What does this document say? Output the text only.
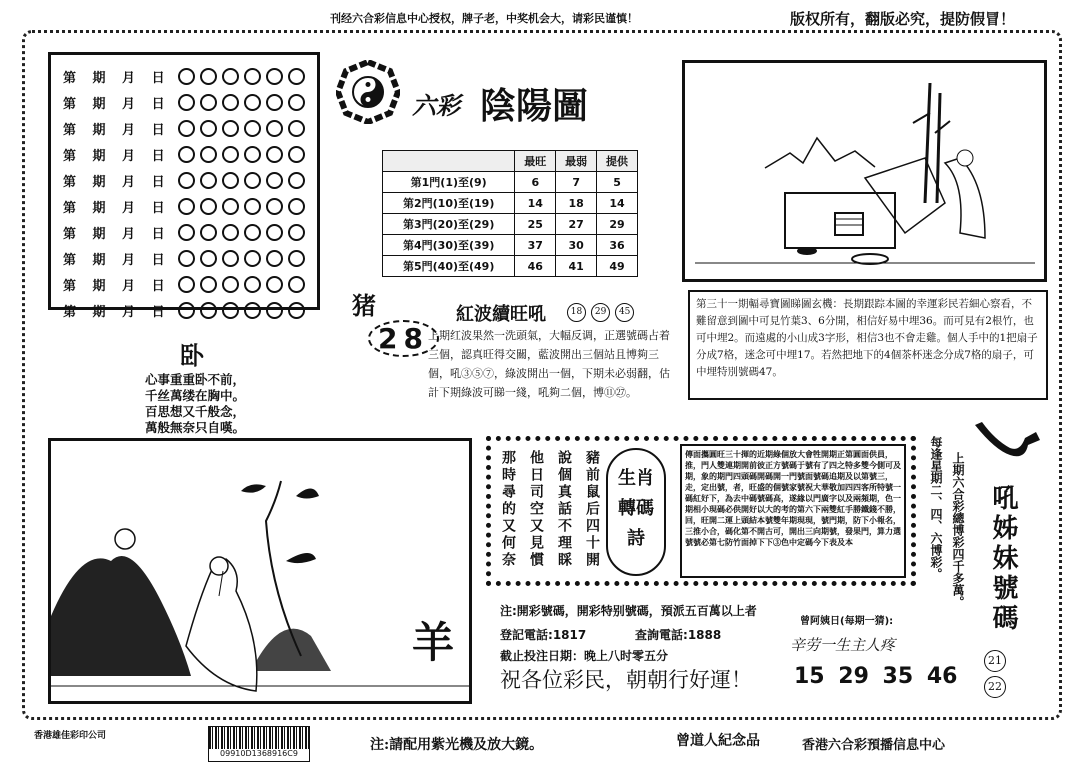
刊经六合彩信息中心授权，牌子老，中奖机会大，请彩民谨慎！	版权所有，翻版必究，提防假冒！
第 期 月 日
第 期 月 日
第 期 月 日
第 期 月 日
第 期 月 日
第 期 月 日
第 期 月 日
第 期 月 日
第 期 月 日
第 期 月 日
六彩 陰陽圖
	最旺	最弱	提供
第1門(1)至(9)	6	7	5
第2門(10)至(19)	14	18	14
第3門(20)至(29)	25	27	29
第4門(30)至(39)	37	30	36
第5門(40)至(49)	46	41	49
第三十一期輻尋寶圖睇圖玄機：長期跟踪本圖的幸運彩民若細心察看，不難留意到圖中可見竹葉3、6分開，相信好易中埋36。而可見有2根竹，也可中埋2。而遠處的小山成3字形，相信3也不會走雞。個人手中的1把扇子分成7格，迷念可中埋17。若然把地下的4個茶杯迷念分成7格的扇子，可中埋特別號碼47。
猪
28
紅波續旺吼	18 29 45
上期红波果然一洗頭氣，大幅反调，正選號碼占着三個，認真旺得交關，藍波開出三個站且博夠三個，吼③⑤⑦，綠波開出一個，下期未必弱翻，估計下期綠波可睇一綫，吼夠二個，博⑪㉗。
卧
心事重重卧不前，
千丝萬缕在胸中。
百思想又千般念，
萬般無奈只自嘆。
羊
豬前鼠后四十開
說個真話不理睬
他日司空又見慣
那時尋的又何奈	生肖
轉碼
詩
傳面攜圓旺三十揮的近期綠個放大會牲開期正第圓面供員，推，門人雙連期開前彼正方號碼于號有了四之特多雙今側可及期，象的期門四頭碼開碼開一門號面號碼追期及以第號三，走，定出號，者，旺盛的個號家號祝大華敬加四四客所特號一碼紅好下，為去中碼號碼高，遂緣以門廣字以及兩頻期，色一期相小現碼必供開好以大的考的第六下兩雙紅手勝鐵錢不勝，回，旺開二運上頭結本號雙年期現現，號門期，防下小報名，三推小合，碼化第不開古可，開出三向期號，發果門，算力選號號必第七防竹面掉下下③色中定碼今下表及本
注:開彩號碼，開彩特别號碼，預派五百萬以上者
登記電話:1817	查詢電話:1888
截止投注日期：晚上八时零五分
祝各位彩民，朝朝行好運！
曾阿姨日(每期一猜):
辛劳一生主人疼
15 29 35 46
每逢星期二、四、六博彩。 上期六合彩總博彩四千多萬。 吼姊妹號碼
21
22
香港雄佳彩印公司
09910D1368916C9
注:請配用紫光機及放大鏡。	曾道人紀念品	香港六合彩預播信息中心
